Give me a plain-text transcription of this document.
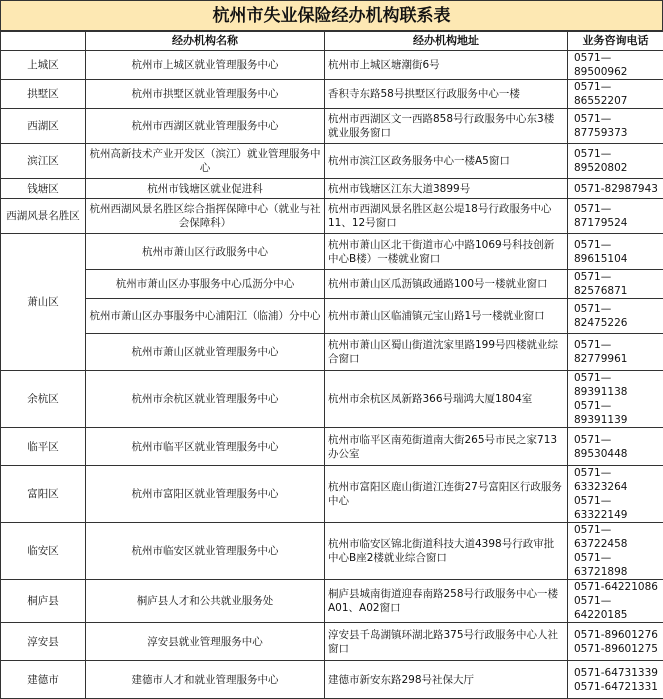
杭州市失业保险经办机构联系表
	经办机构名称	经办机构地址	业务咨询电话
上城区	杭州市上城区就业管理服务中心	杭州市上城区塘潮街6号	0571—89500962
拱墅区	杭州市拱墅区就业管理服务中心	香积寺东路58号拱墅区行政服务中心一楼	0571—86552207
西湖区	杭州市西湖区就业管理服务中心	杭州市西湖区文一西路858号行政服务中心东3楼就业服务窗口	0571—87759373
滨江区	杭州高新技术产业开发区（滨江）就业管理服务中心	杭州市滨江区政务服务中心一楼A5窗口	0571—89520802
钱塘区	杭州市钱塘区就业促进科	杭州市钱塘区江东大道3899号	0571-82987943
西湖风景名胜区	杭州西湖风景名胜区综合指挥保障中心（就业与社会保障科）	杭州市西湖风景名胜区赵公堤18号行政服务中心11、12号窗口	0571—87179524
萧山区	杭州市萧山区行政服务中心	杭州市萧山区北干街道市心中路1069号科技创新中心B楼）一楼就业窗口	0571—89615104
	杭州市萧山区办事服务中心瓜沥分中心	杭州市萧山区瓜沥镇政通路100号一楼就业窗口	0571—82576871
	杭州市萧山区办事服务中心浦阳江（临浦）分中心	杭州市萧山区临浦镇元宝山路1号一楼就业窗口	0571—82475226
	杭州市萧山区就业管理服务中心	杭州市萧山区蜀山街道沈家里路199号四楼就业综合窗口	0571—82779961
余杭区	杭州市余杭区就业管理服务中心	杭州市余杭区凤新路366号瑞鸿大厦1804室	0571—89391138
0571—89391139

临平区	杭州市临平区就业管理服务中心	杭州市临平区南苑街道南大街265号市民之家713办公室	0571—89530448
富阳区	杭州市富阳区就业管理服务中心	杭州市富阳区鹿山街道江连街27号富阳区行政服务中心	0571—63323264
0571—63322149

临安区	杭州市临安区就业管理服务中心	杭州市临安区锦北街道科技大道4398号行政审批中心B座2楼就业综合窗口	0571—63722458
0571—63721898

桐庐县	桐庐县人才和公共就业服务处	桐庐县城南街道迎春南路258号行政服务中心一楼A01、A02窗口	0571-64221086
0571—64220185

淳安县	淳安县就业管理服务中心	淳安县千岛湖镇环湖北路375号行政服务中心人社窗口	0571-89601276
0571-89601275

建德市	建德市人才和就业管理服务中心	建德市新安东路298号社保大厅	0571-64731339
0571-64721331
